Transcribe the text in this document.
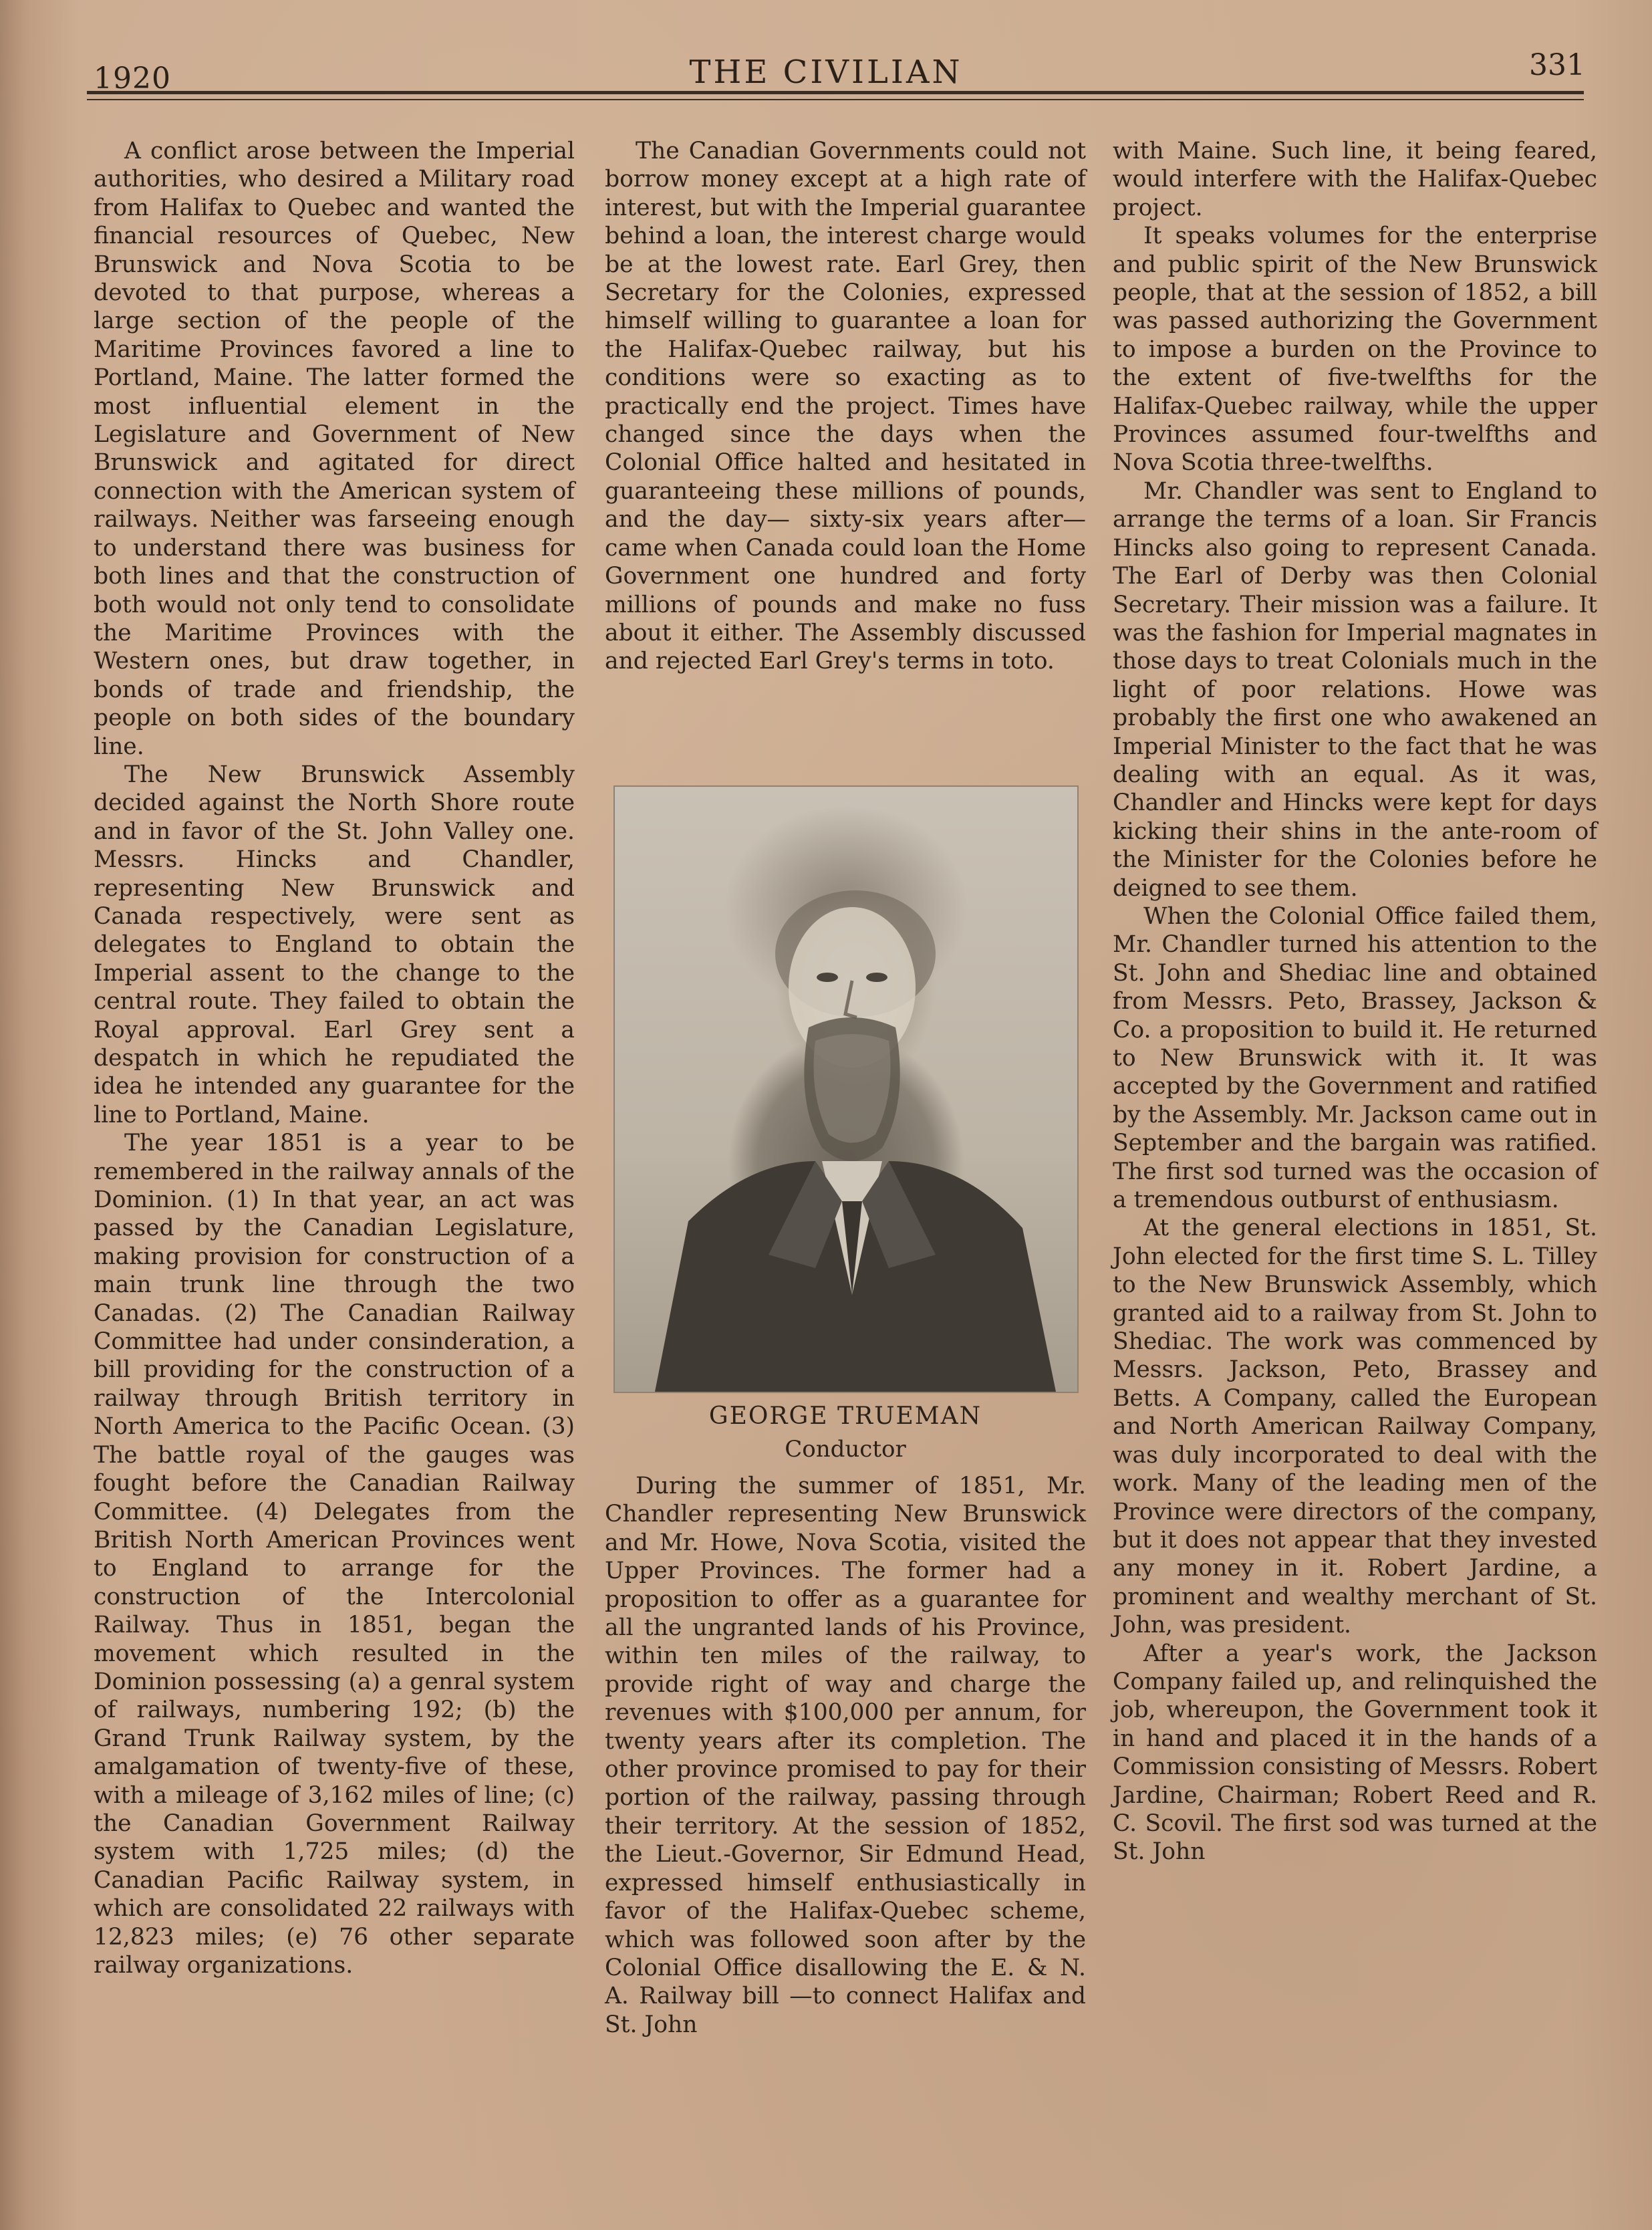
1920	THE CIVILIAN	331

A conflict arose between the Imperial authorities, who desired a Military road from Halifax to Quebec and wanted the financial resources of Quebec, New Brunswick and Nova Scotia to be devoted to that purpose, whereas a large section of the people of the Maritime Provinces favored a line to Portland, Maine. The latter formed the most influential element in the Legislature and Government of New Brunswick and agitated for direct connection with the American system of railways. Neither was farseeing enough to understand there was business for both lines and that the construction of both would not only tend to consolidate the Maritime Provinces with the Western ones, but draw together, in bonds of trade and friendship, the people on both sides of the boundary line.

The New Brunswick Assembly decided against the North Shore route and in favor of the St. John Valley one. Messrs. Hincks and Chandler, representing New Brunswick and Canada respectively, were sent as delegates to England to obtain the Imperial assent to the change to the central route. They failed to obtain the Royal approval. Earl Grey sent a despatch in which he repudiated the idea he intended any guarantee for the line to Portland, Maine.

The year 1851 is a year to be remembered in the railway annals of the Dominion. (1) In that year, an act was passed by the Canadian Legislature, making provision for construction of a main trunk line through the two Canadas. (2) The Canadian Railway Committee had under consinderation, a bill providing for the construction of a railway through British territory in North America to the Pacific Ocean. (3) The battle royal of the gauges was fought before the Canadian Railway Committee. (4) Delegates from the British North American Provinces went to England to arrange for the construction of the Intercolonial Railway. Thus in 1851, began the movement which resulted in the Dominion possessing (a) a genral system of railways, numbering 192; (b) the Grand Trunk Railway system, by the amalgamation of twenty-five of these, with a mileage of 3,162 miles of line; (c) the Canadian Government Railway system with 1,725 miles; (d) the Canadian Pacific Railway system, in which are consolidated 22 railways with 12,823 miles; (e) 76 other separate railway organizations.

The Canadian Governments could not borrow money except at a high rate of interest, but with the Imperial guarantee behind a loan, the interest charge would be at the lowest rate. Earl Grey, then Secretary for the Colonies, expressed himself willing to guarantee a loan for the Halifax-Quebec railway, but his conditions were so exacting as to practically end the project. Times have changed since the days when the Colonial Office halted and hesitated in guaranteeing these millions of pounds, and the day— sixty-six years after—came when Canada could loan the Home Government one hundred and forty millions of pounds and make no fuss about it either. The Assembly discussed and rejected Earl Grey's terms in toto.

GEORGE TRUEMAN
Conductor

During the summer of 1851, Mr. Chandler representing New Brunswick and Mr. Howe, Nova Scotia, visited the Upper Provinces. The former had a proposition to offer as a guarantee for all the ungranted lands of his Province, within ten miles of the railway, to provide right of way and charge the revenues with $100,000 per annum, for twenty years after its completion. The other province promised to pay for their portion of the railway, passing through their territory. At the session of 1852, the Lieut.-Governor, Sir Edmund Head, expressed himself enthusiastically in favor of the Halifax-Quebec scheme, which was followed soon after by the Colonial Office disallowing the E. & N. A. Railway bill —to connect Halifax and St. John

with Maine. Such line, it being feared, would interfere with the Halifax-Quebec project.

It speaks volumes for the enterprise and public spirit of the New Brunswick people, that at the session of 1852, a bill was passed authorizing the Government to impose a burden on the Province to the extent of five-twelfths for the Halifax-Quebec railway, while the upper Provinces assumed four-twelfths and Nova Scotia three-twelfths.

Mr. Chandler was sent to England to arrange the terms of a loan. Sir Francis Hincks also going to represent Canada. The Earl of Derby was then Colonial Secretary. Their mission was a failure. It was the fashion for Imperial magnates in those days to treat Colonials much in the light of poor relations. Howe was probably the first one who awakened an Imperial Minister to the fact that he was dealing with an equal. As it was, Chandler and Hincks were kept for days kicking their shins in the ante-room of the Minister for the Colonies before he deigned to see them.

When the Colonial Office failed them, Mr. Chandler turned his attention to the St. John and Shediac line and obtained from Messrs. Peto, Brassey, Jackson & Co. a proposition to build it. He returned to New Brunswick with it. It was accepted by the Government and ratified by the Assembly. Mr. Jackson came out in September and the bargain was ratified. The first sod turned was the occasion of a tremendous outburst of enthusiasm.

At the general elections in 1851, St. John elected for the first time S. L. Tilley to the New Brunswick Assembly, which granted aid to a railway from St. John to Shediac. The work was commenced by Messrs. Jackson, Peto, Brassey and Betts. A Company, called the European and North American Railway Company, was duly incorporated to deal with the work. Many of the leading men of the Province were directors of the company, but it does not appear that they invested any money in it. Robert Jardine, a prominent and wealthy merchant of St. John, was president.

After a year's work, the Jackson Company failed up, and relinquished the job, whereupon, the Government took it in hand and placed it in the hands of a Commission consisting of Messrs. Robert Jardine, Chairman; Robert Reed and R. C. Scovil. The first sod was turned at the St. John
